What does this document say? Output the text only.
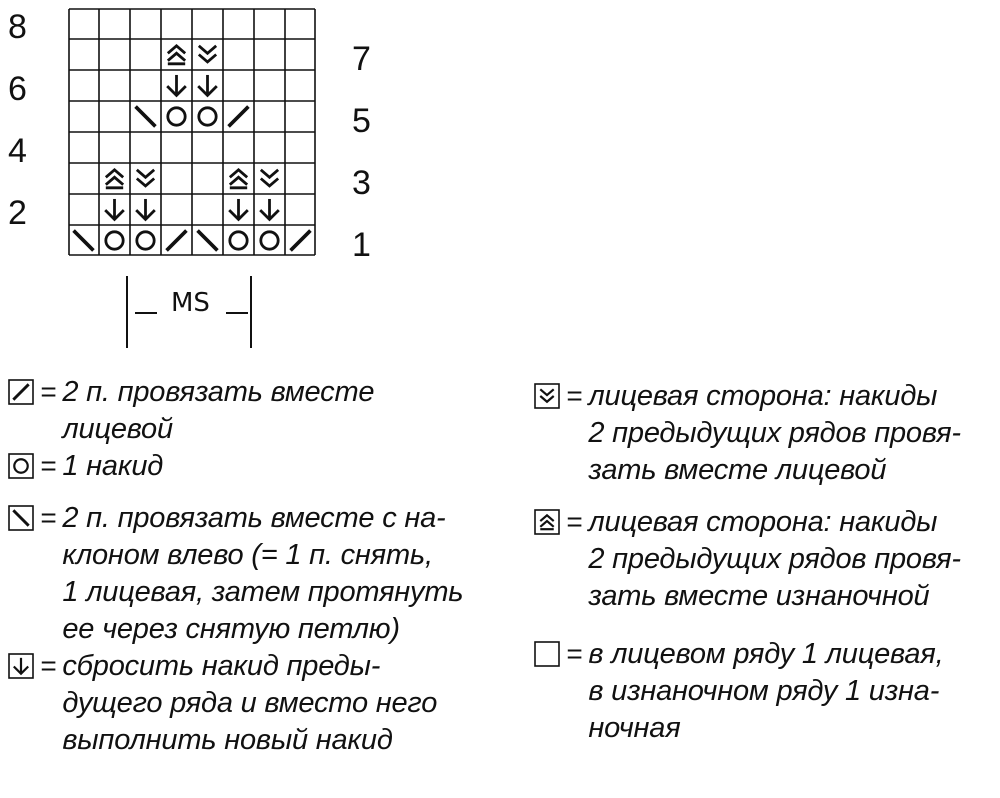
8
6
4
2
7
5
3
1
MS
= 2 п. провязать вместе
лицевой
= 1 накид
= 2 п. провязать вместе с на-
клоном влево (= 1 п. снять,
1 лицевая, затем протянуть
ее через снятую петлю)
= сбросить накид преды-
дущего ряда и вместо него
выполнить новый накид
= лицевая сторона: накиды
2 предыдущих рядов провя-
зать вместе лицевой
= лицевая сторона: накиды
2 предыдущих рядов провя-
зать вместе изнаночной
= в лицевом ряду 1 лицевая,
в изнаночном ряду 1 изна-
ночная
